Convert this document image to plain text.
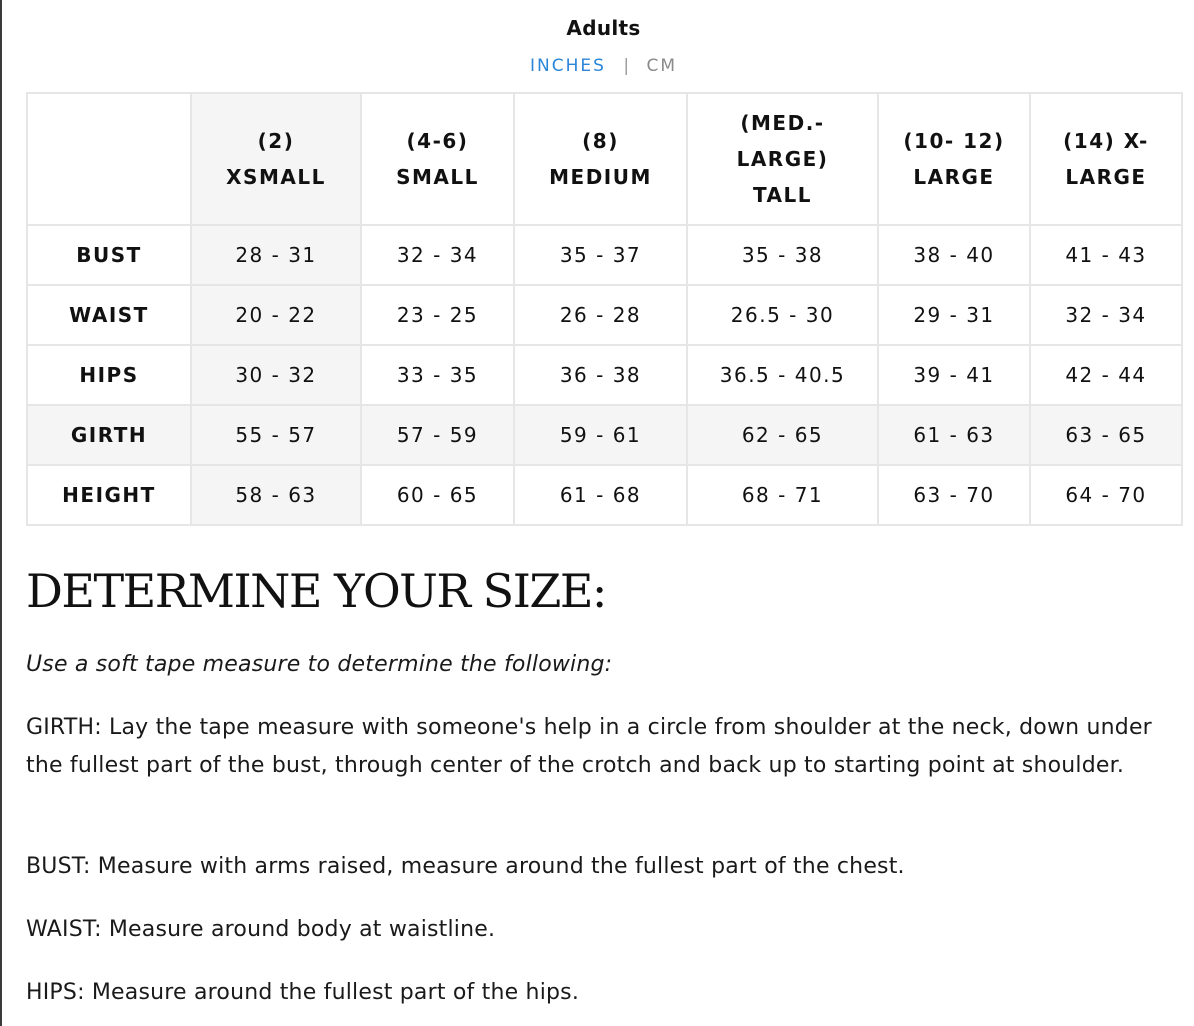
Adults
INCHES | CM
	(2) XSMALL	(4-6) SMALL	(8) MEDIUM	(MED.- LARGE) TALL	(10- 12) LARGE	(14) X- LARGE
BUST	28 - 31	32 - 34	35 - 37	35 - 38	38 - 40	41 - 43
WAIST	20 - 22	23 - 25	26 - 28	26.5 - 30	29 - 31	32 - 34
HIPS	30 - 32	33 - 35	36 - 38	36.5 - 40.5	39 - 41	42 - 44
GIRTH	55 - 57	57 - 59	59 - 61	62 - 65	61 - 63	63 - 65
HEIGHT	58 - 63	60 - 65	61 - 68	68 - 71	63 - 70	64 - 70
DETERMINE YOUR SIZE:

Use a soft tape measure to determine the following:

GIRTH: Lay the tape measure with someone's help in a circle from shoulder at the neck, down under the fullest part of the bust, through center of the crotch and back up to starting point at shoulder.

BUST: Measure with arms raised, measure around the fullest part of the chest.

WAIST: Measure around body at waistline.

HIPS: Measure around the fullest part of the hips.
